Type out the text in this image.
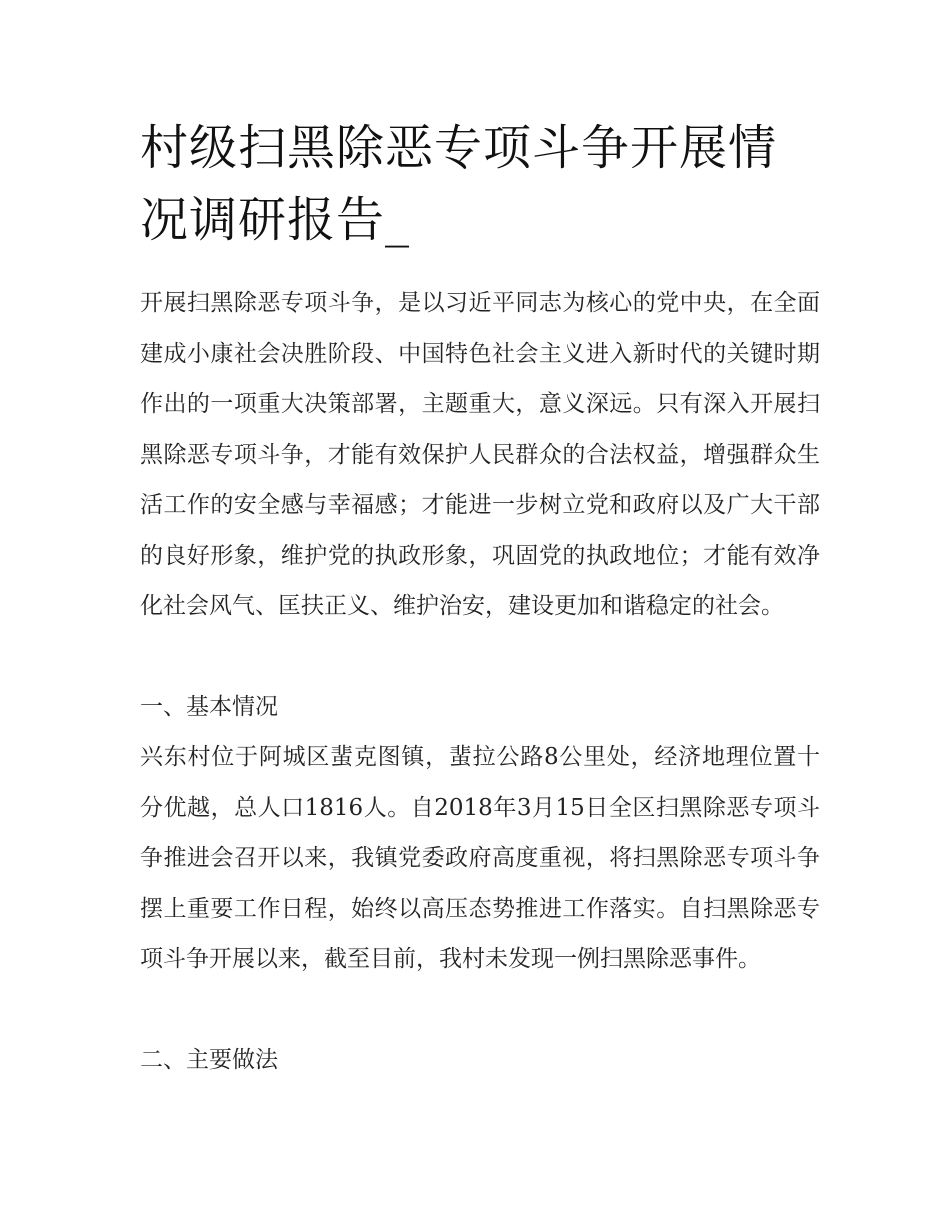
村级扫黑除恶专项斗争开展情况调研报告_

开展扫黑除恶专项斗争，是以习近平同志为核心的党中央，在全面建成小康社会决胜阶段、中国特色社会主义进入新时代的关键时期作出的一项重大决策部署，主题重大，意义深远。只有深入开展扫黑除恶专项斗争，才能有效保护人民群众的合法权益，增强群众生活工作的安全感与幸福感；才能进一步树立党和政府以及广大干部的良好形象，维护党的执政形象，巩固党的执政地位；才能有效净化社会风气、匡扶正义、维护治安，建设更加和谐稳定的社会。

一、基本情况

兴东村位于阿城区蜚克图镇，蜚拉公路8公里处，经济地理位置十分优越，总人口1816人。自2018年3月15日全区扫黑除恶专项斗争推进会召开以来，我镇党委政府高度重视，将扫黑除恶专项斗争摆上重要工作日程，始终以高压态势推进工作落实。自扫黑除恶专项斗争开展以来，截至目前，我村未发现一例扫黑除恶事件。

二、主要做法
